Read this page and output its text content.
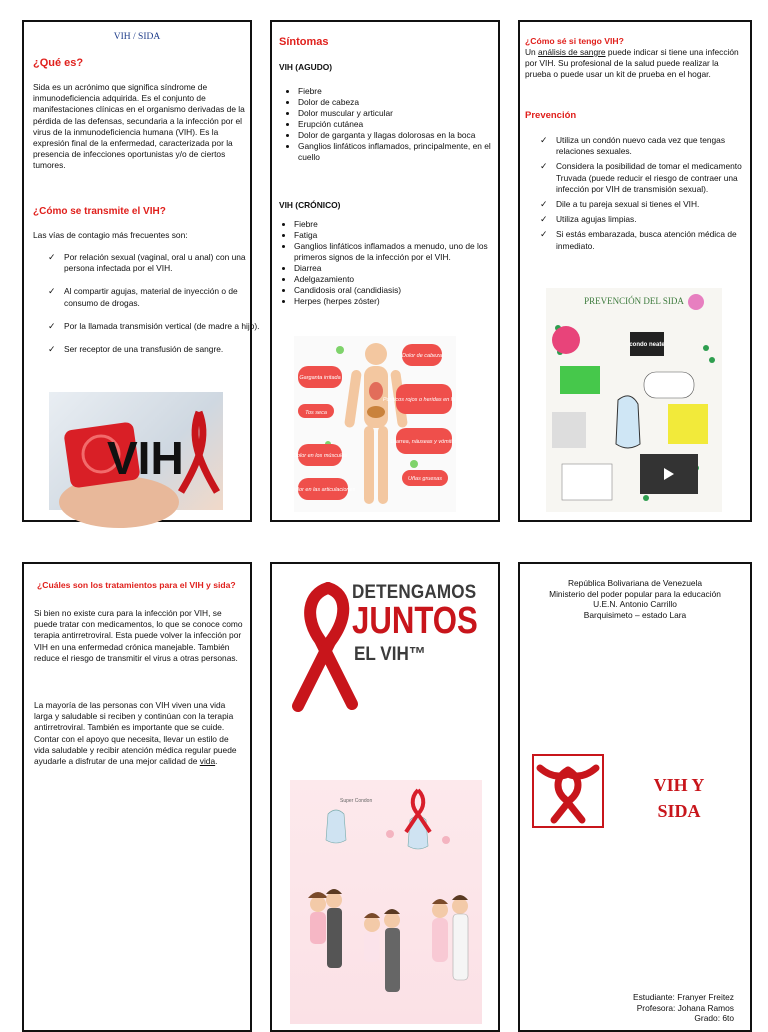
VIH / SIDA
¿Qué es?
Sida es un acrónimo que significa síndrome de inmunodeficiencia adquirida. Es el conjunto de manifestaciones clínicas en el organismo derivadas de la pérdida de las defensas, secundaria a la infección por el virus de la inmunodeficiencia humana (VIH). Es la expresión final de la enfermedad, caracterizada por la presencia de infecciones oportunistas y/o de ciertos tumores.
¿Cómo se transmite el VIH?
Las vías de contagio más frecuentes son:
✓ Por relación sexual (vaginal, oral u anal) con una persona infectada por el VIH.
✓ Al compartir agujas, material de inyección o de consumo de drogas.
✓ Por la llamada transmisión vertical (de madre a hijo).
✓ Ser receptor de una transfusión de sangre.
VIH
Síntomas
VIH (AGUDO)
• Fiebre
• Dolor de cabeza
• Dolor muscular y articular
• Erupción cutánea
• Dolor de garganta y llagas dolorosas en la boca
• Ganglios linfáticos inflamados, principalmente, en el cuello
VIH (CRÓNICO)
• Fiebre
• Fatiga
• Ganglios linfáticos inflamados a menudo, uno de los primeros signos de la infección por el VIH.
• Diarrea
• Adelgazamiento
• Candidosis oral (candidiasis)
• Herpes (herpes zóster)
Garganta irritada
Tos seca
Dolor en los músculos
Dolor en las articulaciones
Dolor de cabeza
Punticos rojos o heridas en la piel
Diarrea, náuseas y vómitos
Uñas gruesas
¿Cómo sé si tengo VIH?
Un análisis de sangre puede indicar si tiene una infección por VIH. Su profesional de la salud puede realizar la prueba o puede usar un kit de prueba en el hogar.
Prevención
✓ Utiliza un condón nuevo cada vez que tengas relaciones sexuales.
✓ Considera la posibilidad de tomar el medicamento Truvada (puede reducir el riesgo de contraer una infección por VIH de transmisión sexual).
✓ Dile a tu pareja sexual si tienes el VIH.
✓ Utiliza agujas limpias.
✓ Si estás embarazada, busca atención médica de inmediato.
PREVENCIÓN DEL SIDA
condo neate
¿Cuáles son los tratamientos para el VIH y sida?
Si bien no existe cura para la infección por VIH, se puede tratar con medicamentos, lo que se conoce como terapia antirretroviral. Esta puede volver la infección por VIH en una enfermedad crónica manejable. También reduce el riesgo de transmitir el virus a otras personas.
La mayoría de las personas con VIH viven una vida larga y saludable si reciben y continúan con la terapia antirretroviral. También es importante que se cuide. Contar con el apoyo que necesita, llevar un estilo de vida saludable y recibir atención médica regular puede ayudarle a disfrutar de una mejor calidad de vida.
DETENGAMOS
JUNTOS
EL VIH™
Super Condon
República Bolivariana de Venezuela
Ministerio del poder popular para la educación
U.E.N. Antonio Carrillo
Barquisimeto – estado Lara
VIH Y
SIDA
Estudiante: Franyer Freitez
Profesora: Johana Ramos
Grado: 6to
